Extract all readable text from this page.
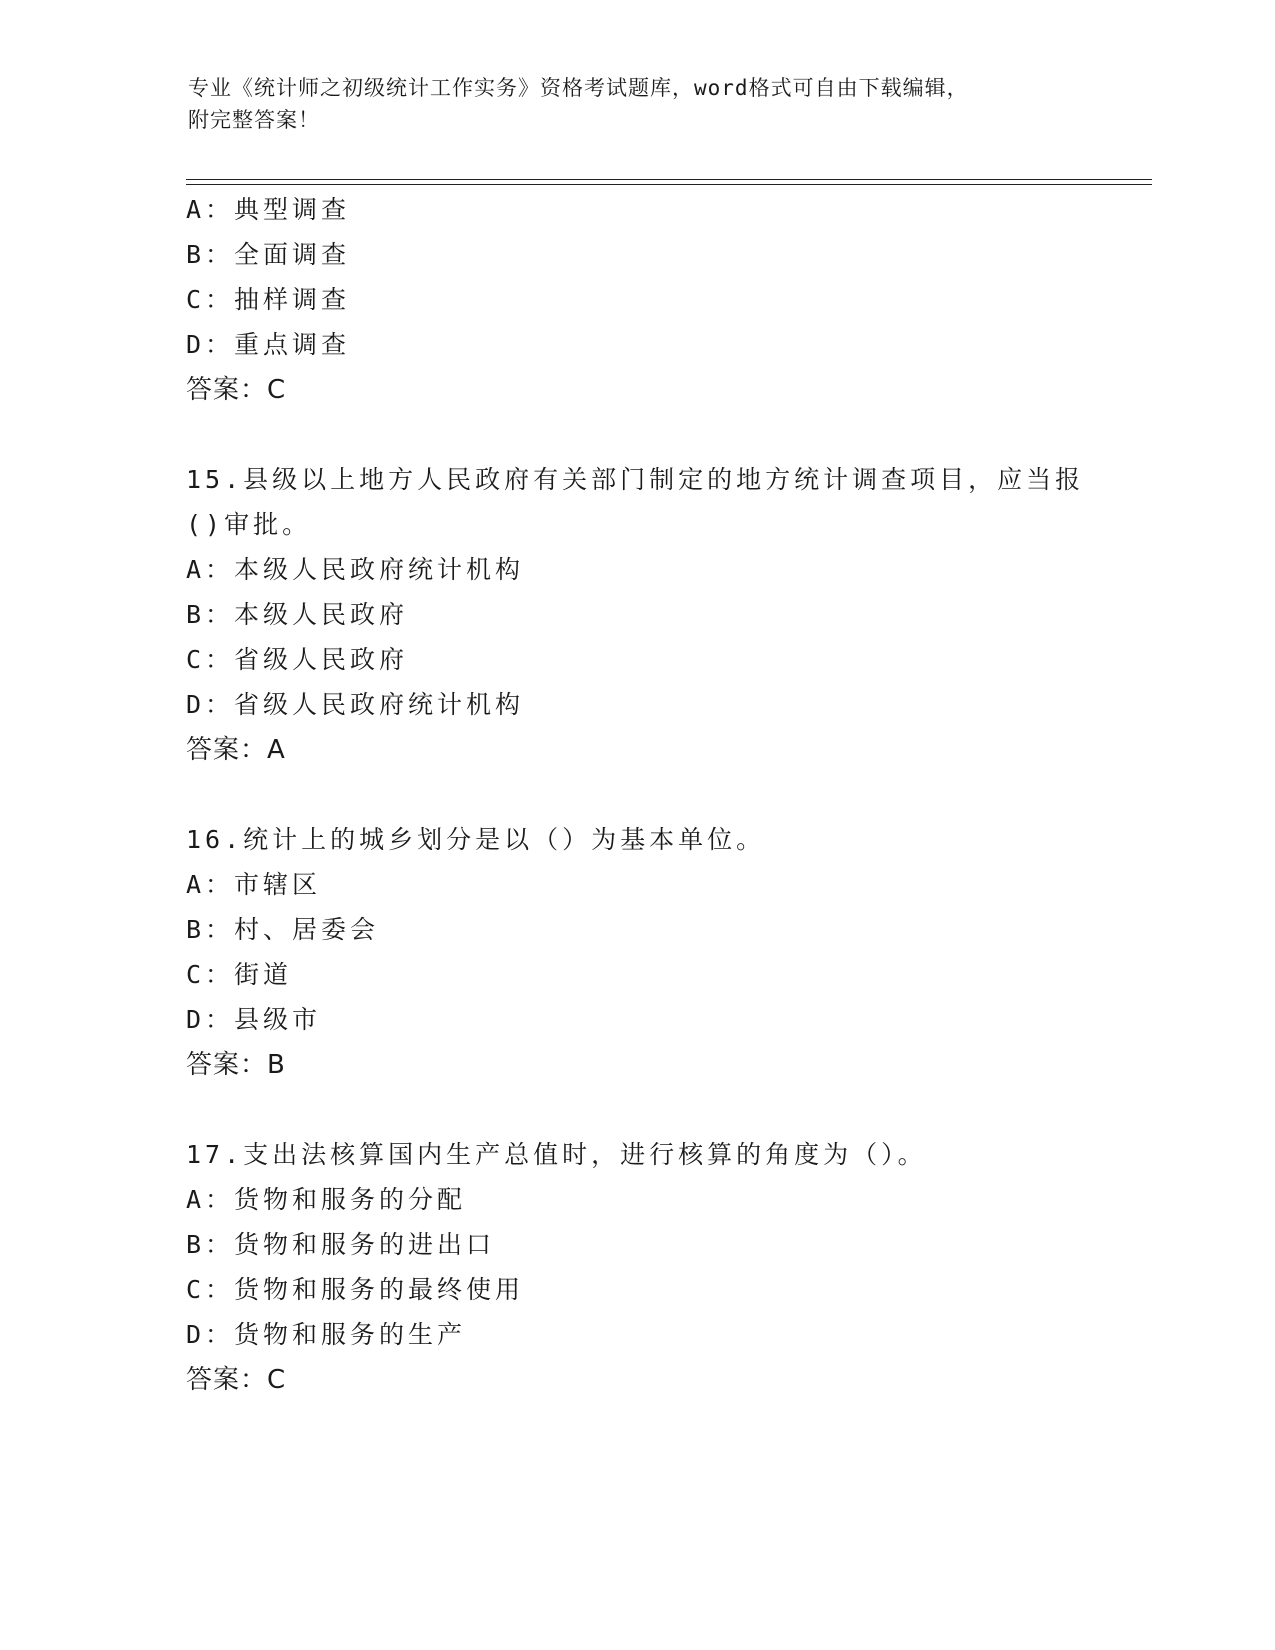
专业《统计师之初级统计工作实务》资格考试题库，word格式可自由下载编辑，
附完整答案！
A：典型调查
B：全面调查
C：抽样调查
D：重点调查
答案：C
15.县级以上地方人民政府有关部门制定的地方统计调查项目，应当报
()审批。
A：本级人民政府统计机构
B：本级人民政府
C：省级人民政府
D：省级人民政府统计机构
答案：A
16.统计上的城乡划分是以（）为基本单位。
A：市辖区
B：村、居委会
C：街道
D：县级市
答案：B
17.支出法核算国内生产总值时，进行核算的角度为（）。
A：货物和服务的分配
B：货物和服务的进出口
C：货物和服务的最终使用
D：货物和服务的生产
答案：C
